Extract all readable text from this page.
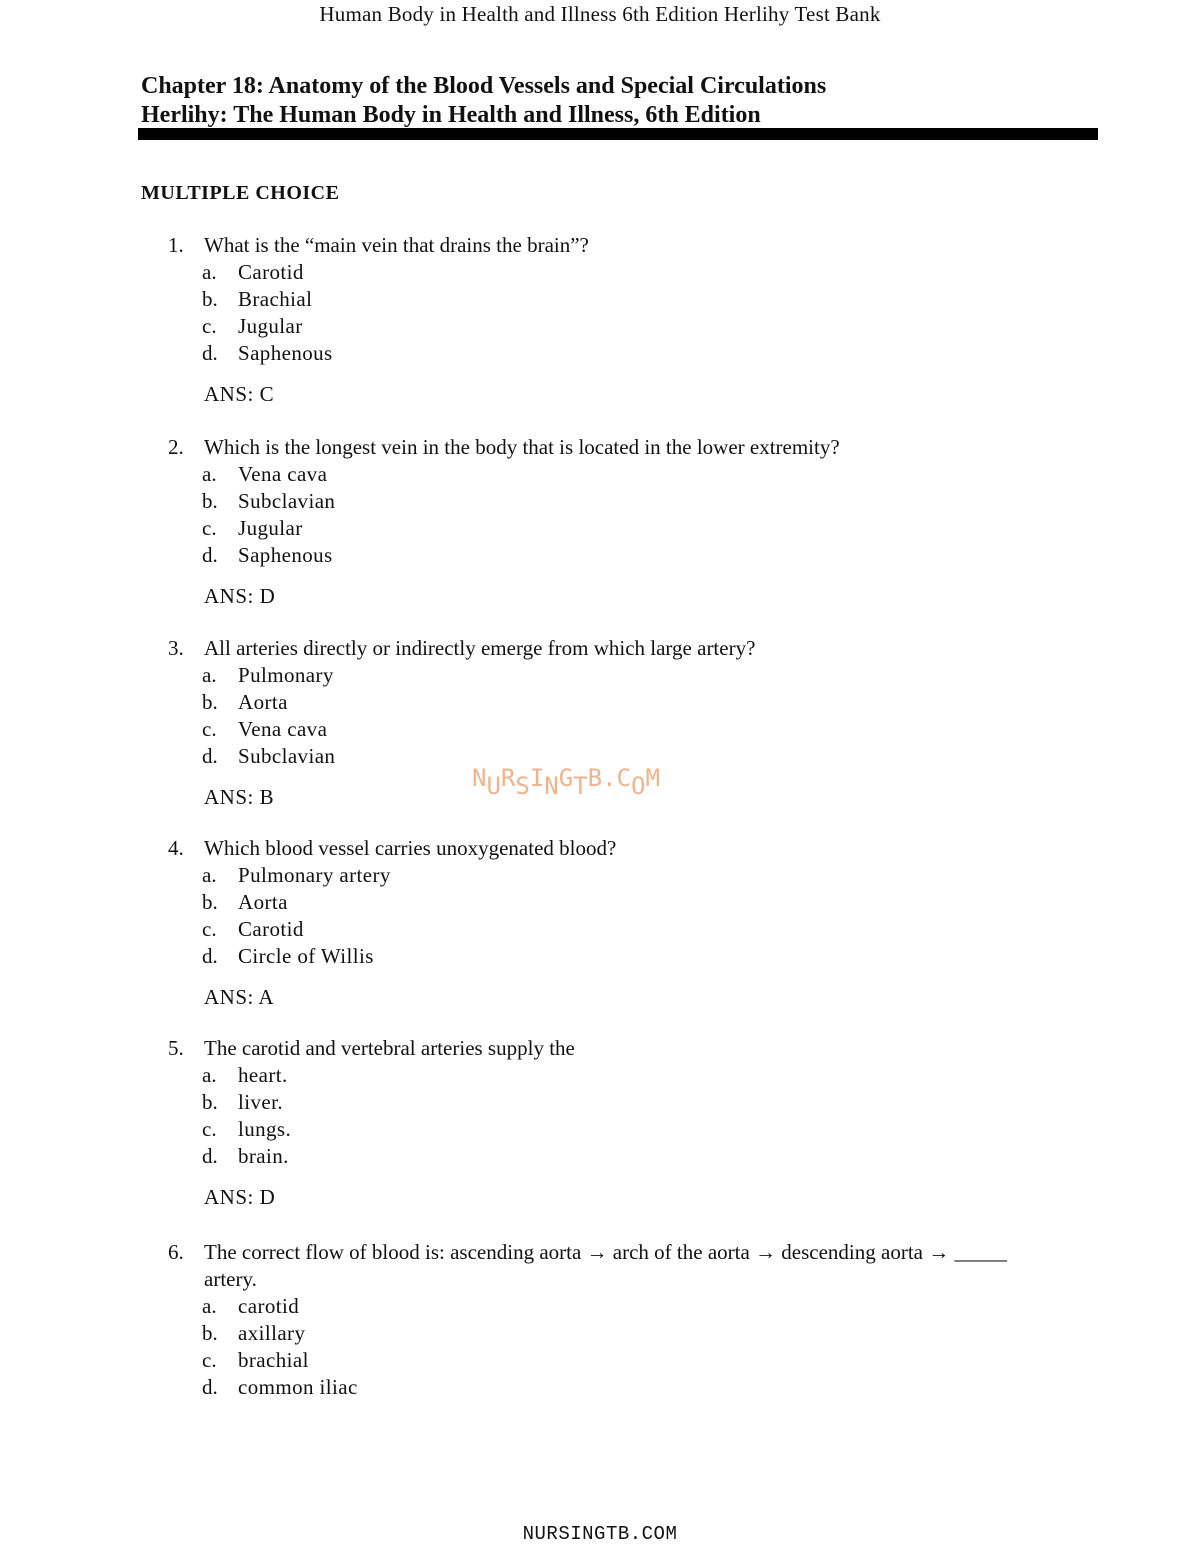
Human Body in Health and Illness 6th Edition Herlihy Test Bank
Chapter 18: Anatomy of the Blood Vessels and Special Circulations
Herlihy: The Human Body in Health and Illness, 6th Edition
MULTIPLE CHOICE
1. What is the “main vein that drains the brain”?
a. Carotid
b. Brachial
c. Jugular
d. Saphenous
ANS: C
2. Which is the longest vein in the body that is located in the lower extremity?
a. Vena cava
b. Subclavian
c. Jugular
d. Saphenous
ANS: D
3. All arteries directly or indirectly emerge from which large artery?
a. Pulmonary
b. Aorta
c. Vena cava
d. Subclavian
ANS: B
4. Which blood vessel carries unoxygenated blood?
a. Pulmonary artery
b. Aorta
c. Carotid
d. Circle of Willis
ANS: A
5. The carotid and vertebral arteries supply the
a. heart.
b. liver.
c. lungs.
d. brain.
ANS: D
6. The correct flow of blood is: ascending aorta → arch of the aorta → descending aorta → _____ artery.
a. carotid
b. axillary
c. brachial
d. common iliac
NURSINGTB.COM
NURSINGTB.COM
